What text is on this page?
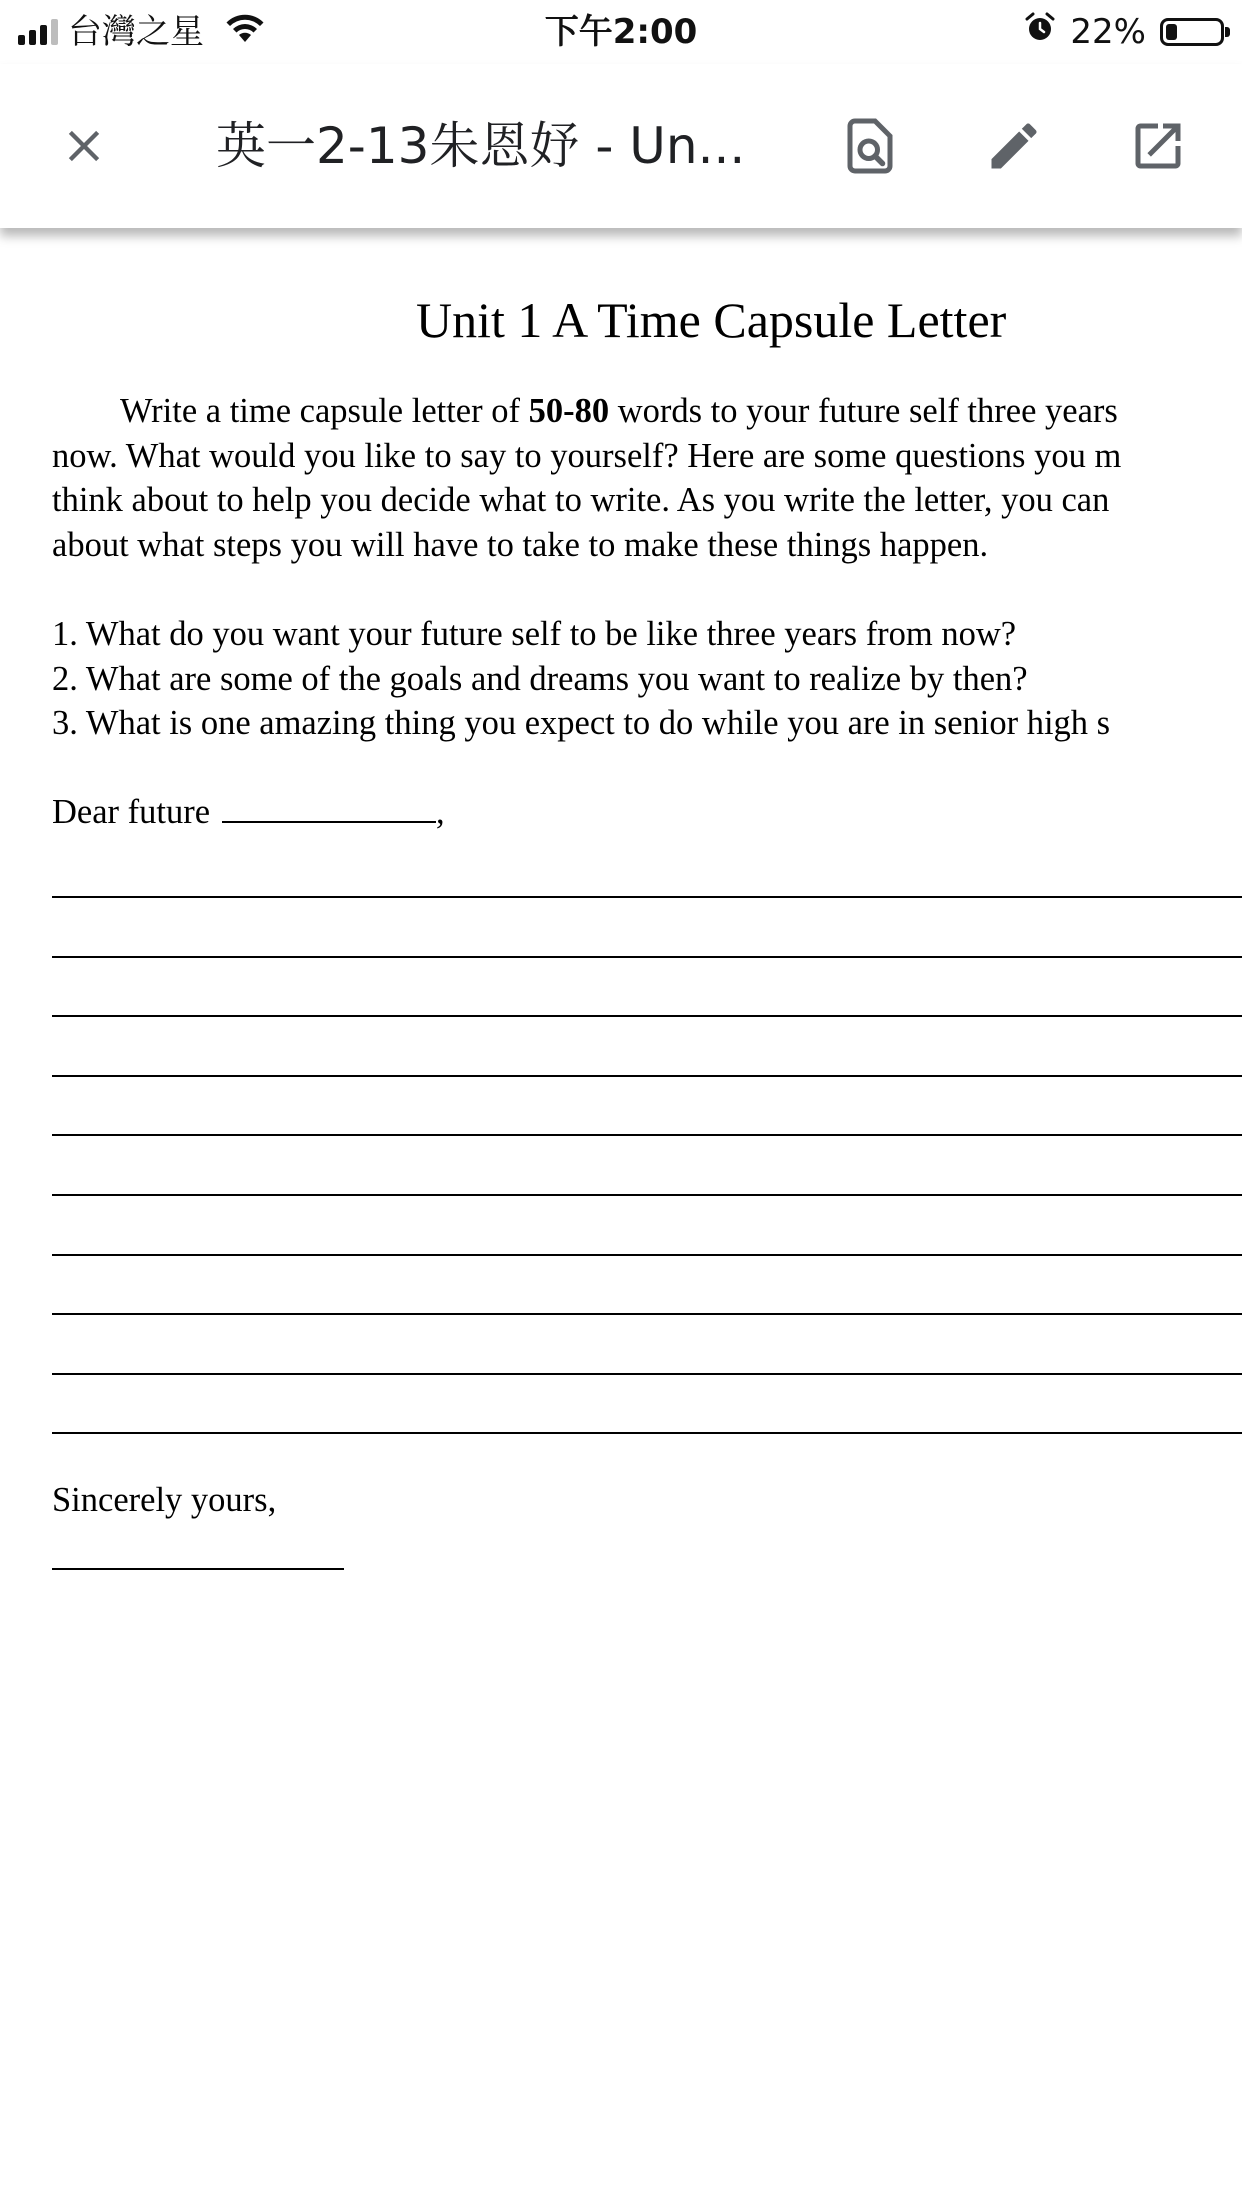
台灣之星	下午2:00	22%
英一2-13朱恩妤 - Un...
Unit 1 A Time Capsule Letter
Write a time capsule letter of 50-80 words to your future self three years
now. What would you like to say to yourself? Here are some questions you m
think about to help you decide what to write. As you write the letter, you can
about what steps you will have to take to make these things happen.
1. What do you want your future self to be like three years from now?
2. What are some of the goals and dreams you want to realize by then?
3. What is one amazing thing you expect to do while you are in senior high s
Dear future	,
Sincerely yours,
